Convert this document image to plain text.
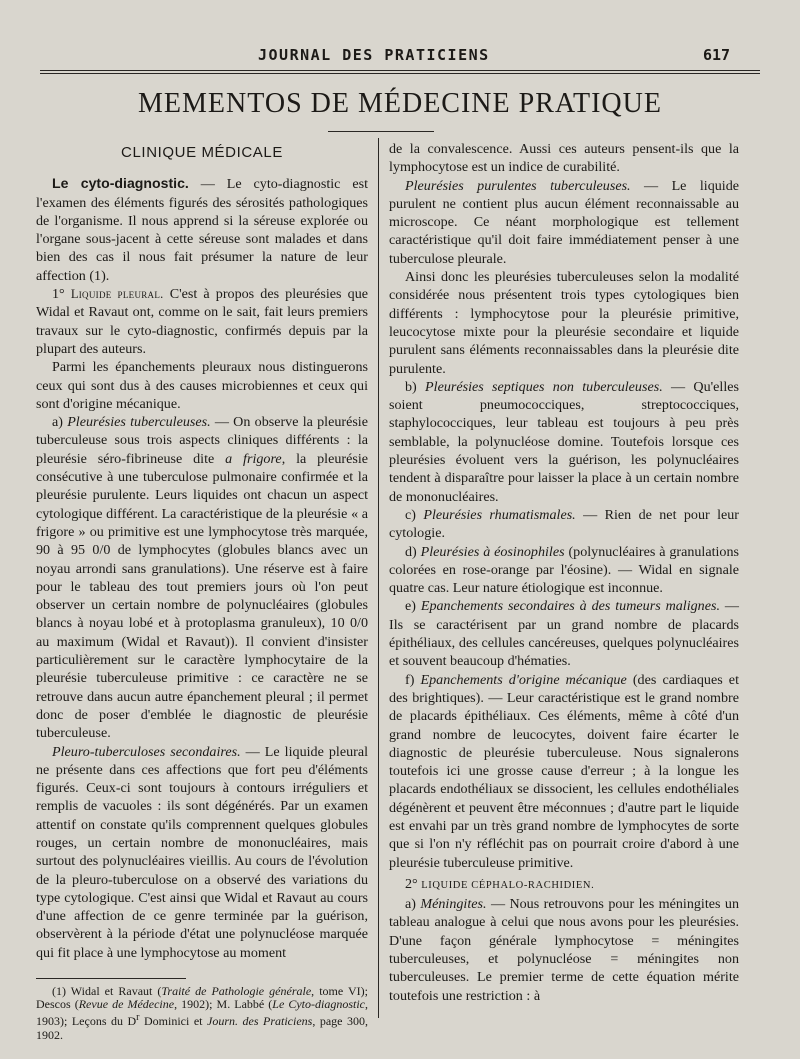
JOURNAL DES PRATICIENS	617
MEMENTOS DE MÉDECINE PRATIQUE
CLINIQUE MÉDICALE

Le cyto-diagnostic. — Le cyto-diagnostic est l'examen des éléments figurés des sérosités pathologiques de l'organisme. Il nous apprend si la séreuse explorée ou l'organe sous-jacent à cette séreuse sont malades et dans bien des cas il nous fait présumer la nature de leur affection (1).

1° Liquide pleural. C'est à propos des pleurésies que Widal et Ravaut ont, comme on le sait, fait leurs premiers travaux sur le cyto-diagnostic, confirmés depuis par la plupart des auteurs.

Parmi les épanchements pleuraux nous distinguerons ceux qui sont dus à des causes microbiennes et ceux qui sont d'origine mécanique.

a) Pleurésies tuberculeuses. — On observe la pleurésie tuberculeuse sous trois aspects cliniques différents : la pleurésie séro-fibrineuse dite a frigore, la pleurésie consécutive à une tuberculose pulmonaire confirmée et la pleurésie purulente. Leurs liquides ont chacun un aspect cytologique différent. La caractéristique de la pleurésie « a frigore » ou primitive est une lymphocytose très marquée, 90 à 95 0/0 de lymphocytes (globules blancs avec un noyau arrondi sans granulations). Une réserve est à faire pour le tableau des tout premiers jours où l'on peut observer un certain nombre de polynucléaires (globules blancs à noyau lobé et à protoplasma granuleux), 10 0/0 au maximum (Widal et Ravaut)). Il convient d'insister particulièrement sur le caractère lymphocytaire de la pleurésie tuberculeuse primitive : ce caractère ne se retrouve dans aucun autre épanchement pleural ; il permet donc de poser d'emblée le diagnostic de pleurésie tuberculeuse.

Pleuro-tuberculoses secondaires. — Le liquide pleural ne présente dans ces affections que fort peu d'éléments figurés. Ceux-ci sont toujours à contours irréguliers et remplis de vacuoles : ils sont dégénérés. Par un examen attentif on constate qu'ils comprennent quelques globules rouges, un certain nombre de mononucléaires, mais surtout des polynucléaires vieillis. Au cours de l'évolution de la pleuro-tuberculose on a observé des variations du type cytologique. C'est ainsi que Widal et Ravaut au cours d'une affection de ce genre terminée par la guérison, observèrent à la période d'état une polynucléose marquée qui fit place à une lymphocytose au moment

(1) Widal et Ravaut (Traité de Pathologie générale, tome VI); Descos (Revue de Médecine, 1902); M. Labbé (Le Cyto-diagnostic, 1903); Leçons du $D^r$ Dominici et Journ. des Praticiens, page 300, 1902.

de la convalescence. Aussi ces auteurs pensent-ils que la lymphocytose est un indice de curabilité.

Pleurésies purulentes tuberculeuses. — Le liquide purulent ne contient plus aucun élément reconnaissable au microscope. Ce néant morphologique est tellement caractéristique qu'il doit faire immédiatement penser à une tuberculose pleurale.

Ainsi donc les pleurésies tuberculeuses selon la modalité considérée nous présentent trois types cytologiques bien différents : lymphocytose pour la pleurésie primitive, leucocytose mixte pour la pleurésie secondaire et liquide purulent sans éléments reconnaissables dans la pleurésie dite purulente.

b) Pleurésies septiques non tuberculeuses. — Qu'elles soient pneumococciques, streptococciques, staphylococciques, leur tableau est toujours à peu près semblable, la polynucléose domine. Toutefois lorsque ces pleurésies évoluent vers la guérison, les polynucléaires tendent à disparaître pour laisser la place à un certain nombre de mononucléaires.

c) Pleurésies rhumatismales. — Rien de net pour leur cytologie.

d) Pleurésies à éosinophiles (polynucléaires à granulations colorées en rose-orange par l'éosine). — Widal en signale quatre cas. Leur nature étiologique est inconnue.

e) Epanchements secondaires à des tumeurs malignes. — Ils se caractérisent par un grand nombre de placards épithéliaux, des cellules cancéreuses, quelques polynucléaires et souvent beaucoup d'hématies.

f) Epanchements d'origine mécanique (des cardiaques et des brightiques). — Leur caractéristique est le grand nombre de placards épithéliaux. Ces éléments, même à côté d'un grand nombre de leucocytes, doivent faire écarter le diagnostic de pleurésie tuberculeuse. Nous signalerons toutefois ici une grosse cause d'erreur ; à la longue les placards endothéliaux se dissocient, les cellules endothéliales dégénèrent et peuvent être méconnues ; d'autre part le liquide est envahi par un très grand nombre de lymphocytes de sorte que si l'on n'y réfléchit pas on pourrait croire d'abord à une pleurésie tuberculeuse primitive.

2° LIQUIDE CÉPHALO-RACHIDIEN.

a) Méningites. — Nous retrouvons pour les méningites un tableau analogue à celui que nous avons pour les pleurésies. D'une façon générale lymphocytose = méningites tuberculeuses, et polynucléose = méningites non tuberculeuses. Le premier terme de cette équation mérite toutefois une restriction : à
